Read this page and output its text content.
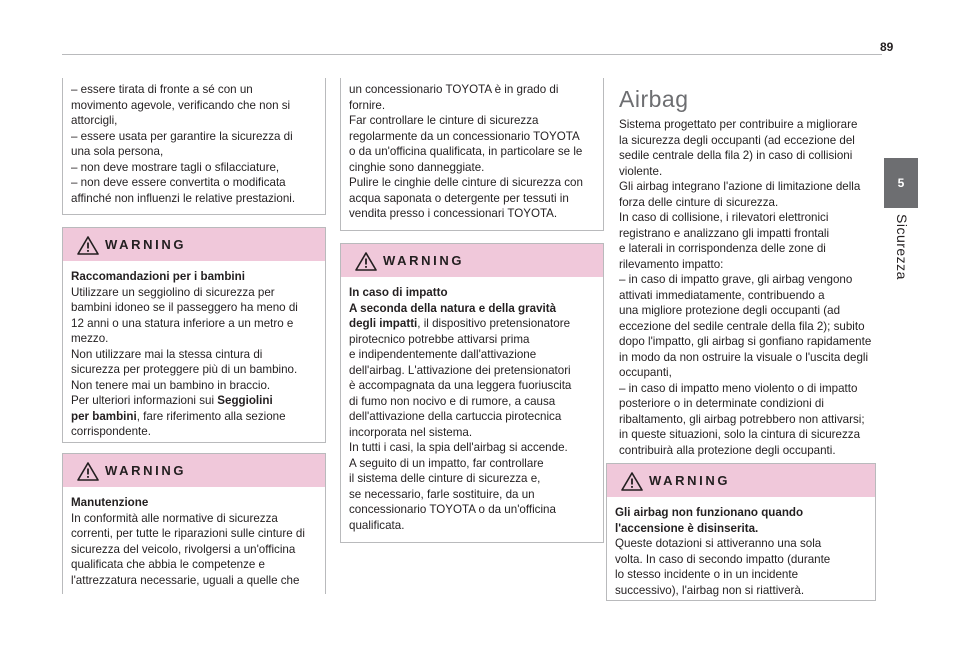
89
5
Sicurezza
– essere tirata di fronte a sé con un
movimento agevole, verificando che non si
attorcigli,
– essere usata per garantire la sicurezza di
una sola persona,
– non deve mostrare tagli o sfilacciature,
– non deve essere convertita o modificata
affinché non influenzi le relative prestazioni.
WARNING
Raccomandazioni per i bambini
Utilizzare un seggiolino di sicurezza per
bambini idoneo se il passeggero ha meno di
12 anni o una statura inferiore a un metro e
mezzo.
Non utilizzare mai la stessa cintura di
sicurezza per proteggere più di un bambino.
Non tenere mai un bambino in braccio.
Per ulteriori informazioni sui Seggiolini
per bambini, fare riferimento alla sezione
corrispondente.
WARNING
Manutenzione
In conformità alle normative di sicurezza
correnti, per tutte le riparazioni sulle cinture di
sicurezza del veicolo, rivolgersi a un'officina
qualificata che abbia le competenze e
l'attrezzatura necessarie, uguali a quelle che
un concessionario TOYOTA è in grado di
fornire.
Far controllare le cinture di sicurezza
regolarmente da un concessionario TOYOTA
o da un'officina qualificata, in particolare se le
cinghie sono danneggiate.
Pulire le cinghie delle cinture di sicurezza con
acqua saponata o detergente per tessuti in
vendita presso i concessionari TOYOTA.
WARNING
In caso di impatto
A seconda della natura e della gravità
degli impatti, il dispositivo pretensionatore
pirotecnico potrebbe attivarsi prima
e indipendentemente dall'attivazione
dell'airbag. L'attivazione dei pretensionatori
è accompagnata da una leggera fuoriuscita
di fumo non nocivo e di rumore, a causa
dell'attivazione della cartuccia pirotecnica
incorporata nel sistema.
In tutti i casi, la spia dell'airbag si accende.
A seguito di un impatto, far controllare
il sistema delle cinture di sicurezza e,
se necessario, farle sostituire, da un
concessionario TOYOTA o da un'officina
qualificata.
Airbag
Sistema progettato per contribuire a migliorare
la sicurezza degli occupanti (ad eccezione del
sedile centrale della fila 2) in caso di collisioni
violente.
Gli airbag integrano l'azione di limitazione della
forza delle cinture di sicurezza.
In caso di collisione, i rilevatori elettronici
registrano e analizzano gli impatti frontali
e laterali in corrispondenza delle zone di
rilevamento impatto:
– in caso di impatto grave, gli airbag vengono
attivati immediatamente, contribuendo a
una migliore protezione degli occupanti (ad
eccezione del sedile centrale della fila 2); subito
dopo l'impatto, gli airbag si gonfiano rapidamente
in modo da non ostruire la visuale o l'uscita degli
occupanti,
– in caso di impatto meno violento o di impatto
posteriore o in determinate condizioni di
ribaltamento, gli airbag potrebbero non attivarsi;
in queste situazioni, solo la cintura di sicurezza
contribuirà alla protezione degli occupanti.
WARNING
Gli airbag non funzionano quando
l'accensione è disinserita.
Queste dotazioni si attiveranno una sola
volta. In caso di secondo impatto (durante
lo stesso incidente o in un incidente
successivo), l'airbag non si riattiverà.
